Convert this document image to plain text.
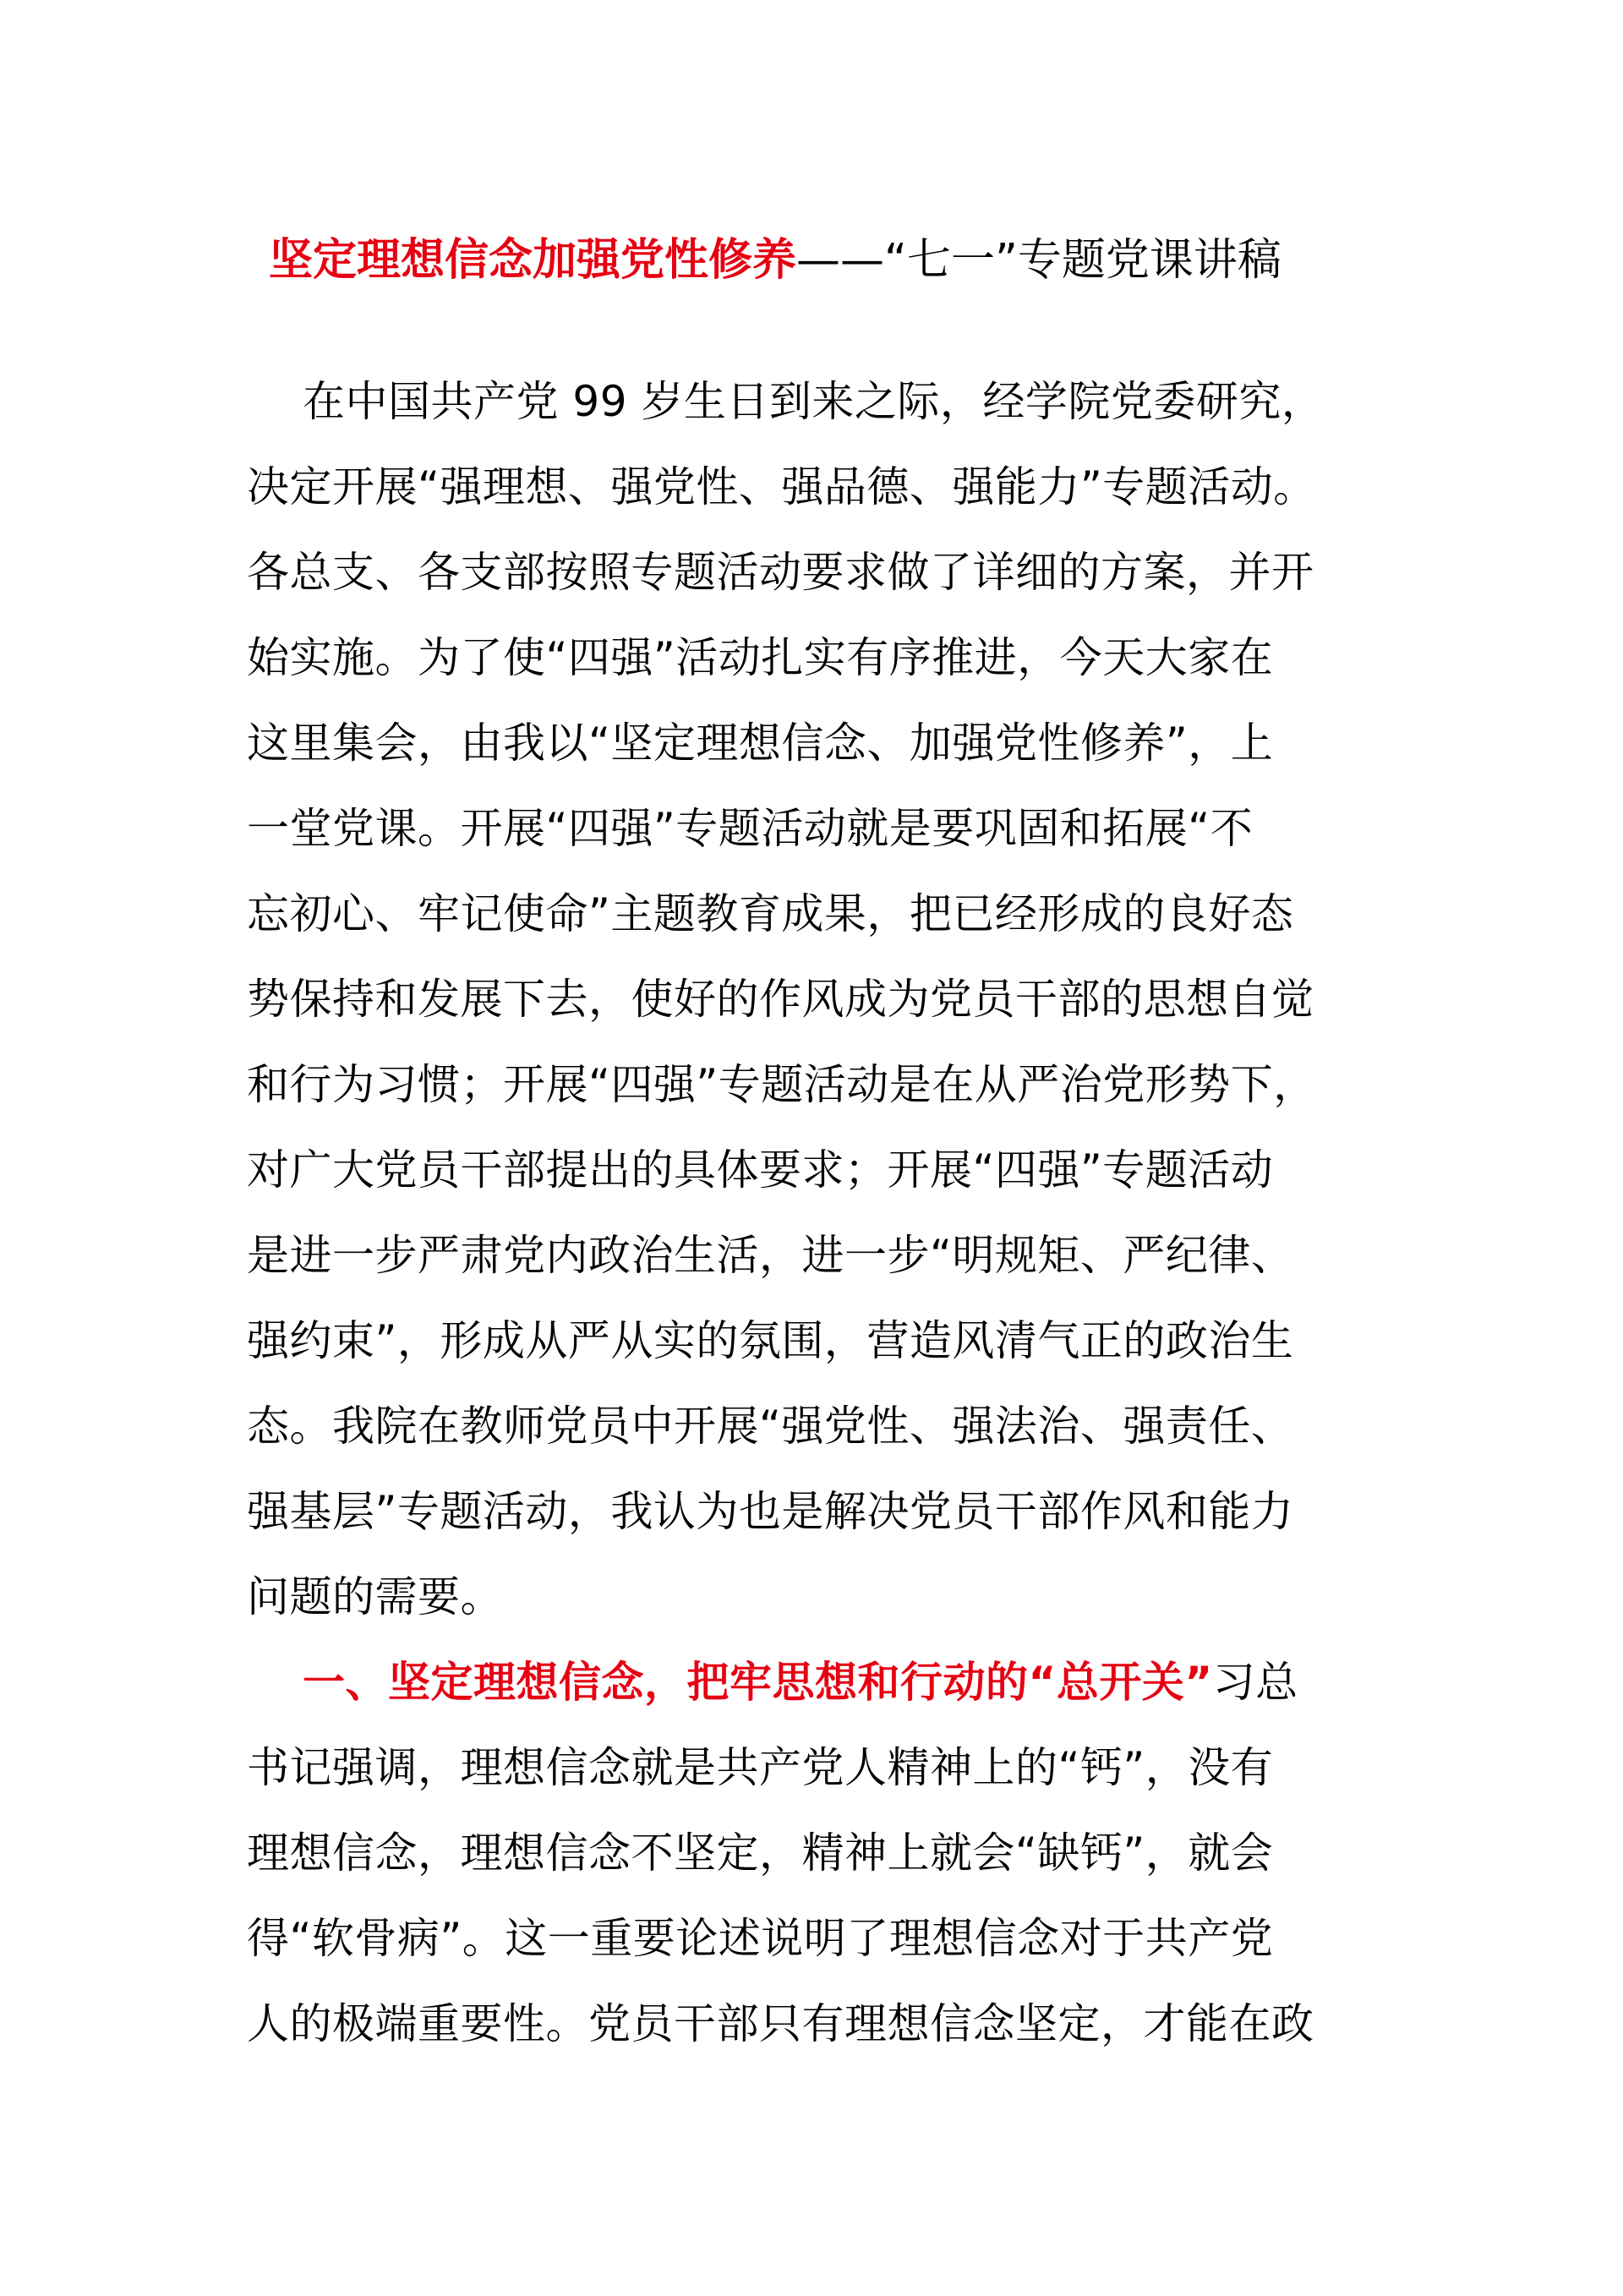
坚定理想信念加强党性修养——“七一”专题党课讲稿
在中国共产党 99 岁生日到来之际，经学院党委研究，
决定开展“强理想、强党性、强品德、强能力”专题活动。
各总支、各支部按照专题活动要求做了详细的方案，并开
始实施。为了使“四强”活动扎实有序推进，今天大家在
这里集会，由我以“坚定理想信念、加强党性修养”，上
一堂党课。开展“四强”专题活动就是要巩固和拓展“不
忘初心、牢记使命”主题教育成果，把已经形成的良好态
势保持和发展下去，使好的作风成为党员干部的思想自觉
和行为习惯；开展“四强”专题活动是在从严治党形势下，
对广大党员干部提出的具体要求；开展“四强”专题活动
是进一步严肃党内政治生活，进一步“明规矩、严纪律、
强约束”，形成从严从实的氛围，营造风清气正的政治生
态。我院在教师党员中开展“强党性、强法治、强责任、
强基层”专题活动，我认为也是解决党员干部作风和能力
问题的需要。
一、坚定理想信念，把牢思想和行动的“总开关”习总
书记强调，理想信念就是共产党人精神上的“钙”，没有
理想信念，理想信念不坚定，精神上就会“缺钙”，就会
得“软骨病”。这一重要论述说明了理想信念对于共产党
人的极端重要性。党员干部只有理想信念坚定，才能在政
